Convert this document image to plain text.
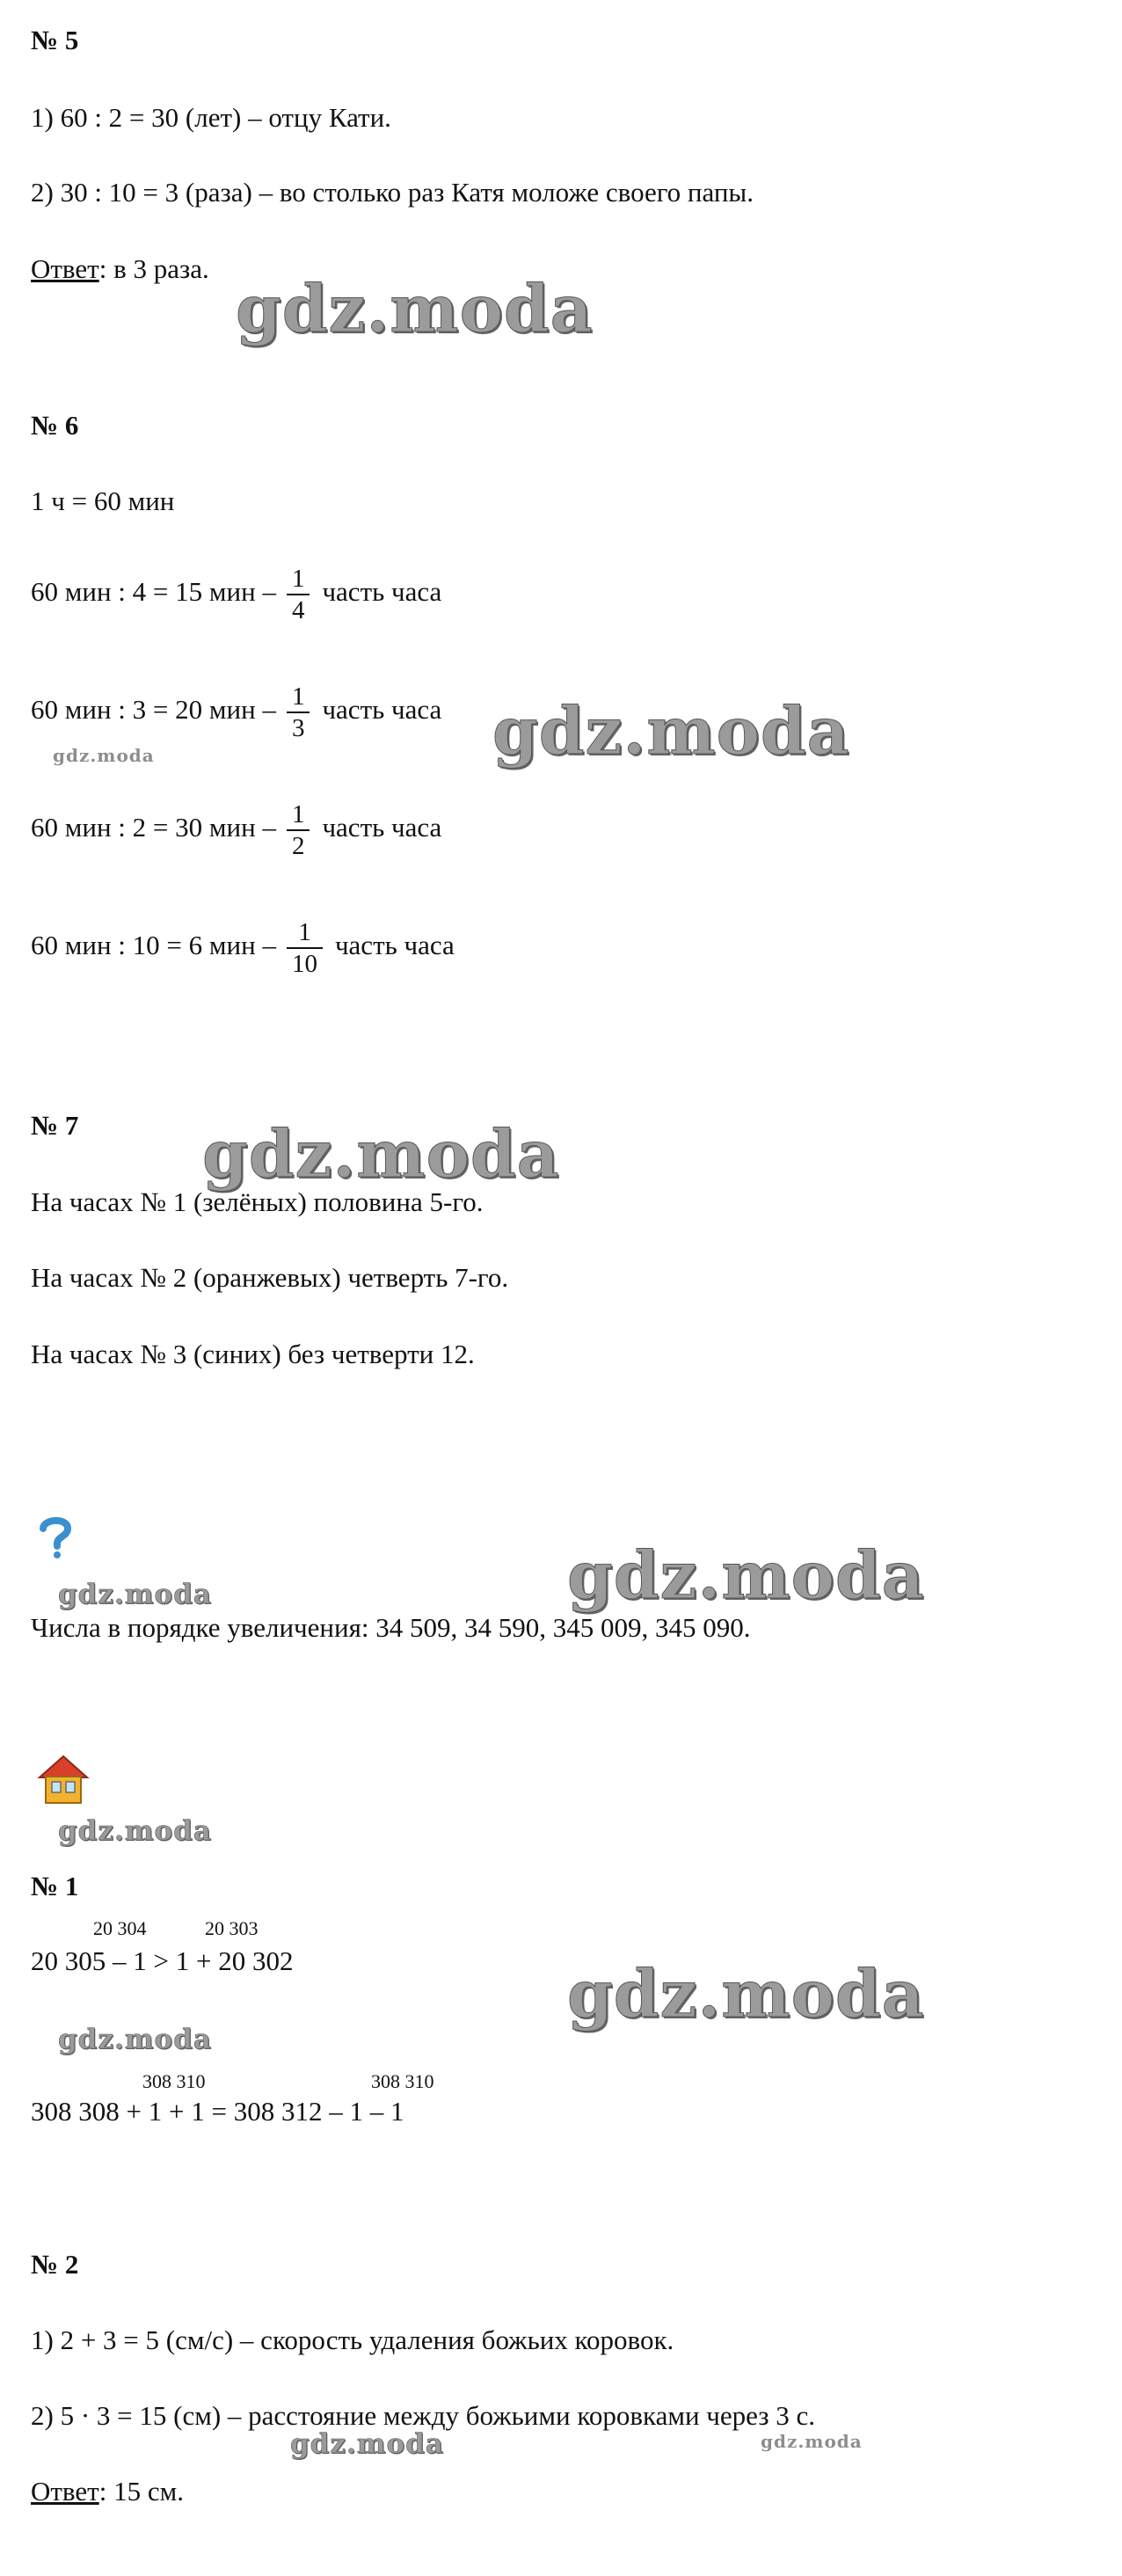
№ 5
1) 60 : 2 = 30 (лет) – отцу Кати.
2) 30 : 10 = 3 (раза) – во столько раз Катя моложе своего папы.
Ответ: в 3 раза.
№ 6
1 ч = 60 мин
60 мин : 4 = 15 мин – $\frac{1}{4}$ часть часа
60 мин : 3 = 20 мин – $\frac{1}{3}$ часть часа
60 мин : 2 = 30 мин – $\frac{1}{2}$ часть часа
60 мин : 10 = 6 мин – $\frac{1}{10}$ часть часа
№ 7
На часах № 1 (зелёных) половина 5-го.
На часах № 2 (оранжевых) четверть 7-го.
На часах № 3 (синих) без четверти 12.
Числа в порядке увеличения: 34 509, 34 590, 345 009, 345 090.
№ 1
20 304	20 303
20 305 – 1 > 1 + 20 302
308 310	308 310
308 308 + 1 + 1 = 308 312 – 1 – 1
№ 2
1) 2 + 3 = 5 (см/с) – скорость удаления божьих коровок.
2) 5 · 3 = 15 (см) – расстояние между божьими коровками через 3 с.
Ответ: 15 см.
gdz.moda
gdz.moda	gdz.moda
gdz.moda
gdz.moda
gdz.moda
gdz.moda
gdz.moda
gdz.moda
gdz.moda	gdz.moda
